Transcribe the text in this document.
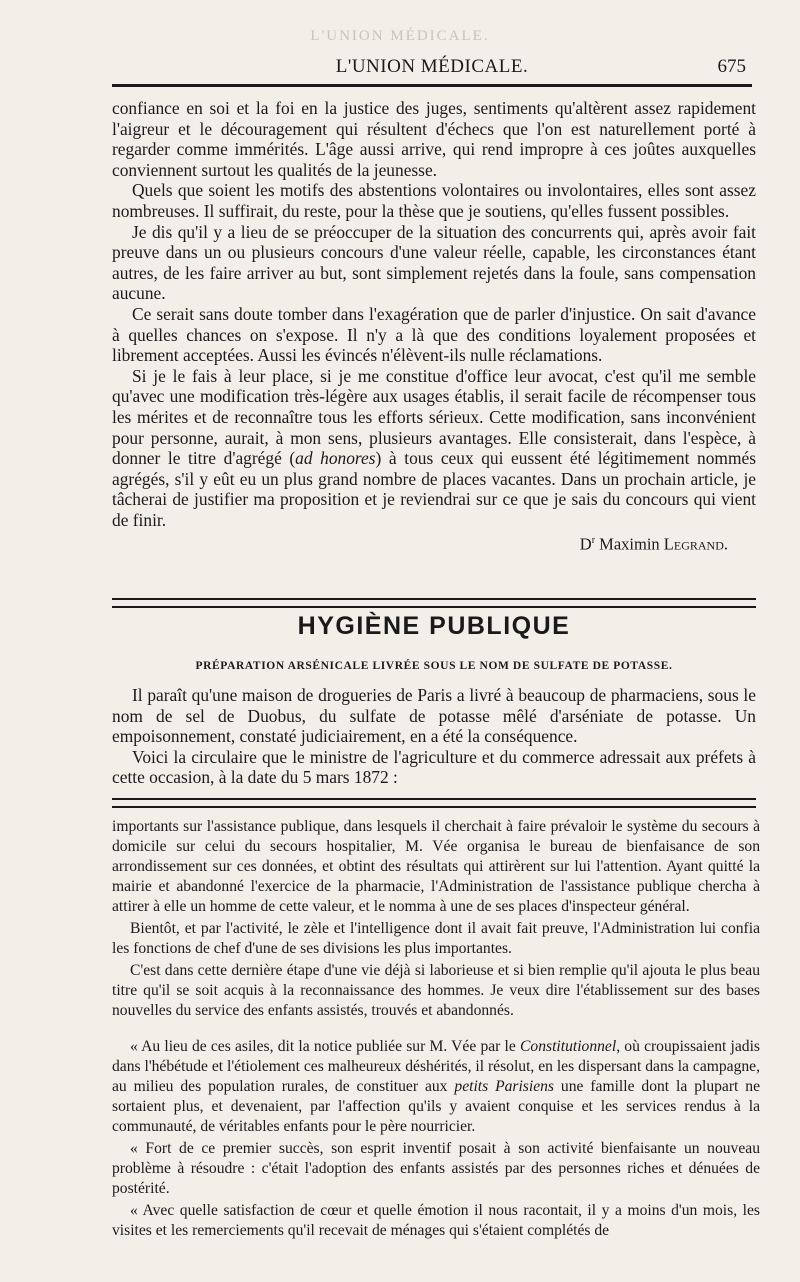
L'UNION MÉDICALE.
L'UNION MÉDICALE.	675

confiance en soi et la foi en la justice des juges, sentiments qu'altèrent assez rapidement l'aigreur et le découragement qui résultent d'échecs que l'on est naturellement porté à regarder comme immérités. L'âge aussi arrive, qui rend impropre à ces joûtes auxquelles conviennent surtout les qualités de la jeunesse.

Quels que soient les motifs des abstentions volontaires ou involontaires, elles sont assez nombreuses. Il suffirait, du reste, pour la thèse que je soutiens, qu'elles fussent possibles.

Je dis qu'il y a lieu de se préoccuper de la situation des concurrents qui, après avoir fait preuve dans un ou plusieurs concours d'une valeur réelle, capable, les circonstances étant autres, de les faire arriver au but, sont simplement rejetés dans la foule, sans compensation aucune.

Ce serait sans doute tomber dans l'exagération que de parler d'injustice. On sait d'avance à quelles chances on s'expose. Il n'y a là que des conditions loyalement proposées et librement acceptées. Aussi les évincés n'élèvent-ils nulle réclamations.

Si je le fais à leur place, si je me constitue d'office leur avocat, c'est qu'il me semble qu'avec une modification très-légère aux usages établis, il serait facile de récompenser tous les mérites et de reconnaître tous les efforts sérieux. Cette modification, sans inconvénient pour personne, aurait, à mon sens, plusieurs avantages. Elle consisterait, dans l'espèce, à donner le titre d'agrégé (ad honores) à tous ceux qui eussent été légitimement nommés agrégés, s'il y eût eu un plus grand nombre de places vacantes. Dans un prochain article, je tâcherai de justifier ma proposition et je reviendrai sur ce que je sais du concours qui vient de finir.

$D^r$ Maximin Legrand.
HYGIÈNE PUBLIQUE
PRÉPARATION ARSÉNICALE LIVRÉE SOUS LE NOM DE SULFATE DE POTASSE.

Il paraît qu'une maison de drogueries de Paris a livré à beaucoup de pharmaciens, sous le nom de sel de Duobus, du sulfate de potasse mêlé d'arséniate de potasse. Un empoisonnement, constaté judiciairement, en a été la conséquence.

Voici la circulaire que le ministre de l'agriculture et du commerce adressait aux préfets à cette occasion, à la date du 5 mars 1872 :

importants sur l'assistance publique, dans lesquels il cherchait à faire prévaloir le système du secours à domicile sur celui du secours hospitalier, M. Vée organisa le bureau de bienfaisance de son arrondissement sur ces données, et obtint des résultats qui attirèrent sur lui l'attention. Ayant quitté la mairie et abandonné l'exercice de la pharmacie, l'Administration de l'assistance publique chercha à attirer à elle un homme de cette valeur, et le nomma à une de ses places d'inspecteur général.

Bientôt, et par l'activité, le zèle et l'intelligence dont il avait fait preuve, l'Administration lui confia les fonctions de chef d'une de ses divisions les plus importantes.

C'est dans cette dernière étape d'une vie déjà si laborieuse et si bien remplie qu'il ajouta le plus beau titre qu'il se soit acquis à la reconnaissance des hommes. Je veux dire l'établissement sur des bases nouvelles du service des enfants assistés, trouvés et abandonnés.

« Au lieu de ces asiles, dit la notice publiée sur M. Vée par le Constitutionnel, où croupissaient jadis dans l'hébétude et l'étiolement ces malheureux déshérités, il résolut, en les dispersant dans la campagne, au milieu des population rurales, de constituer aux petits Parisiens une famille dont la plupart ne sortaient plus, et devenaient, par l'affection qu'ils y avaient conquise et les services rendus à la communauté, de véritables enfants pour le père nourricier.

« Fort de ce premier succès, son esprit inventif posait à son activité bienfaisante un nouveau problème à résoudre : c'était l'adoption des enfants assistés par des personnes riches et dénuées de postérité.

« Avec quelle satisfaction de cœur et quelle émotion il nous racontait, il y a moins d'un mois, les visites et les remerciements qu'il recevait de ménages qui s'étaient complétés de
